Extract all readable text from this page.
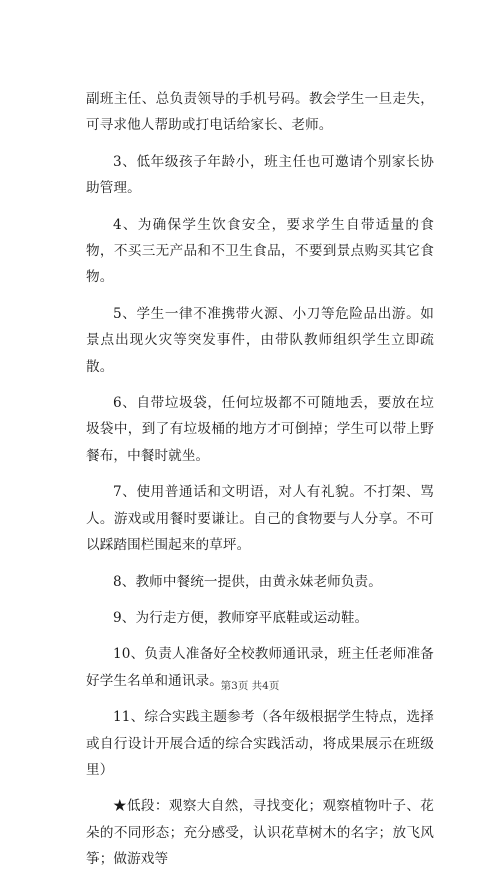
副班主任、总负责领导的手机号码。教会学生一旦走失，可寻求他人帮助或打电话给家长、老师。

3、低年级孩子年龄小，班主任也可邀请个别家长协助管理。

4、为确保学生饮食安全，要求学生自带适量的食物，不买三无产品和不卫生食品，不要到景点购买其它食物。

5、学生一律不准携带火源、小刀等危险品出游。如景点出现火灾等突发事件，由带队教师组织学生立即疏散。

6、自带垃圾袋，任何垃圾都不可随地丢，要放在垃圾袋中，到了有垃圾桶的地方才可倒掉；学生可以带上野餐布，中餐时就坐。

7、使用普通话和文明语，对人有礼貌。不打架、骂人。游戏或用餐时要谦让。自己的食物要与人分享。不可以踩踏围栏围起来的草坪。

8、教师中餐统一提供，由黄永妹老师负责。

9、为行走方便，教师穿平底鞋或运动鞋。

10、负责人准备好全校教师通讯录，班主任老师准备好学生名单和通讯录。

11、综合实践主题参考（各年级根据学生特点，选择或自行设计开展合适的综合实践活动，将成果展示在班级里）

★低段：观察大自然，寻找变化；观察植物叶子、花朵的不同形态；充分感受，认识花草树木的名字；放飞风筝；做游戏等

第3页 共4页
